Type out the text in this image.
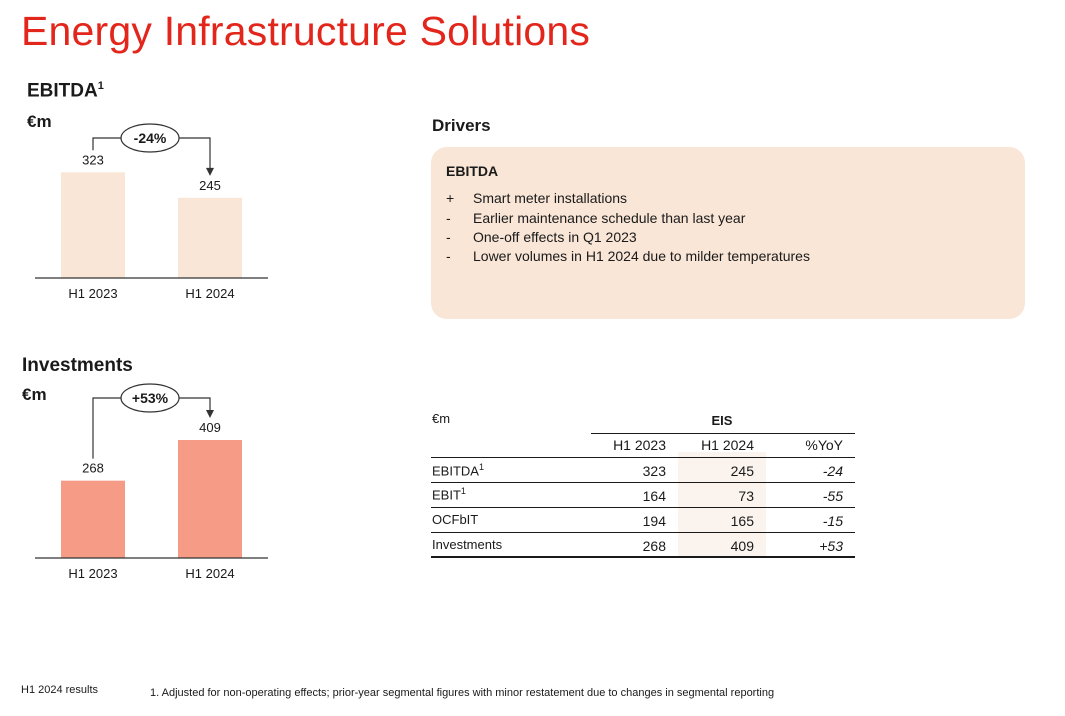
Energy Infrastructure Solutions
EBITDA$^1$
€m
323
H1 2023
245
H1 2024
-24%
Investments
€m
268
H1 2023
409
H1 2024
+53%
Drivers
EBITDA
+ Smart meter installations
- Earlier maintenance schedule than last year
- One-off effects in Q1 2023
- Lower volumes in H1 2024 due to milder temperatures
€m	EIS
H1 2023	H1 2024	%YoY
EBITDA$^1$	323	245	-24
EBIT$^1$	164	73	-55
OCFbIT	194	165	-15
Investments	268	409	+53
H1 2024 results	1. Adjusted for non-operating effects; prior-year segmental figures with minor restatement due to changes in segmental reporting
